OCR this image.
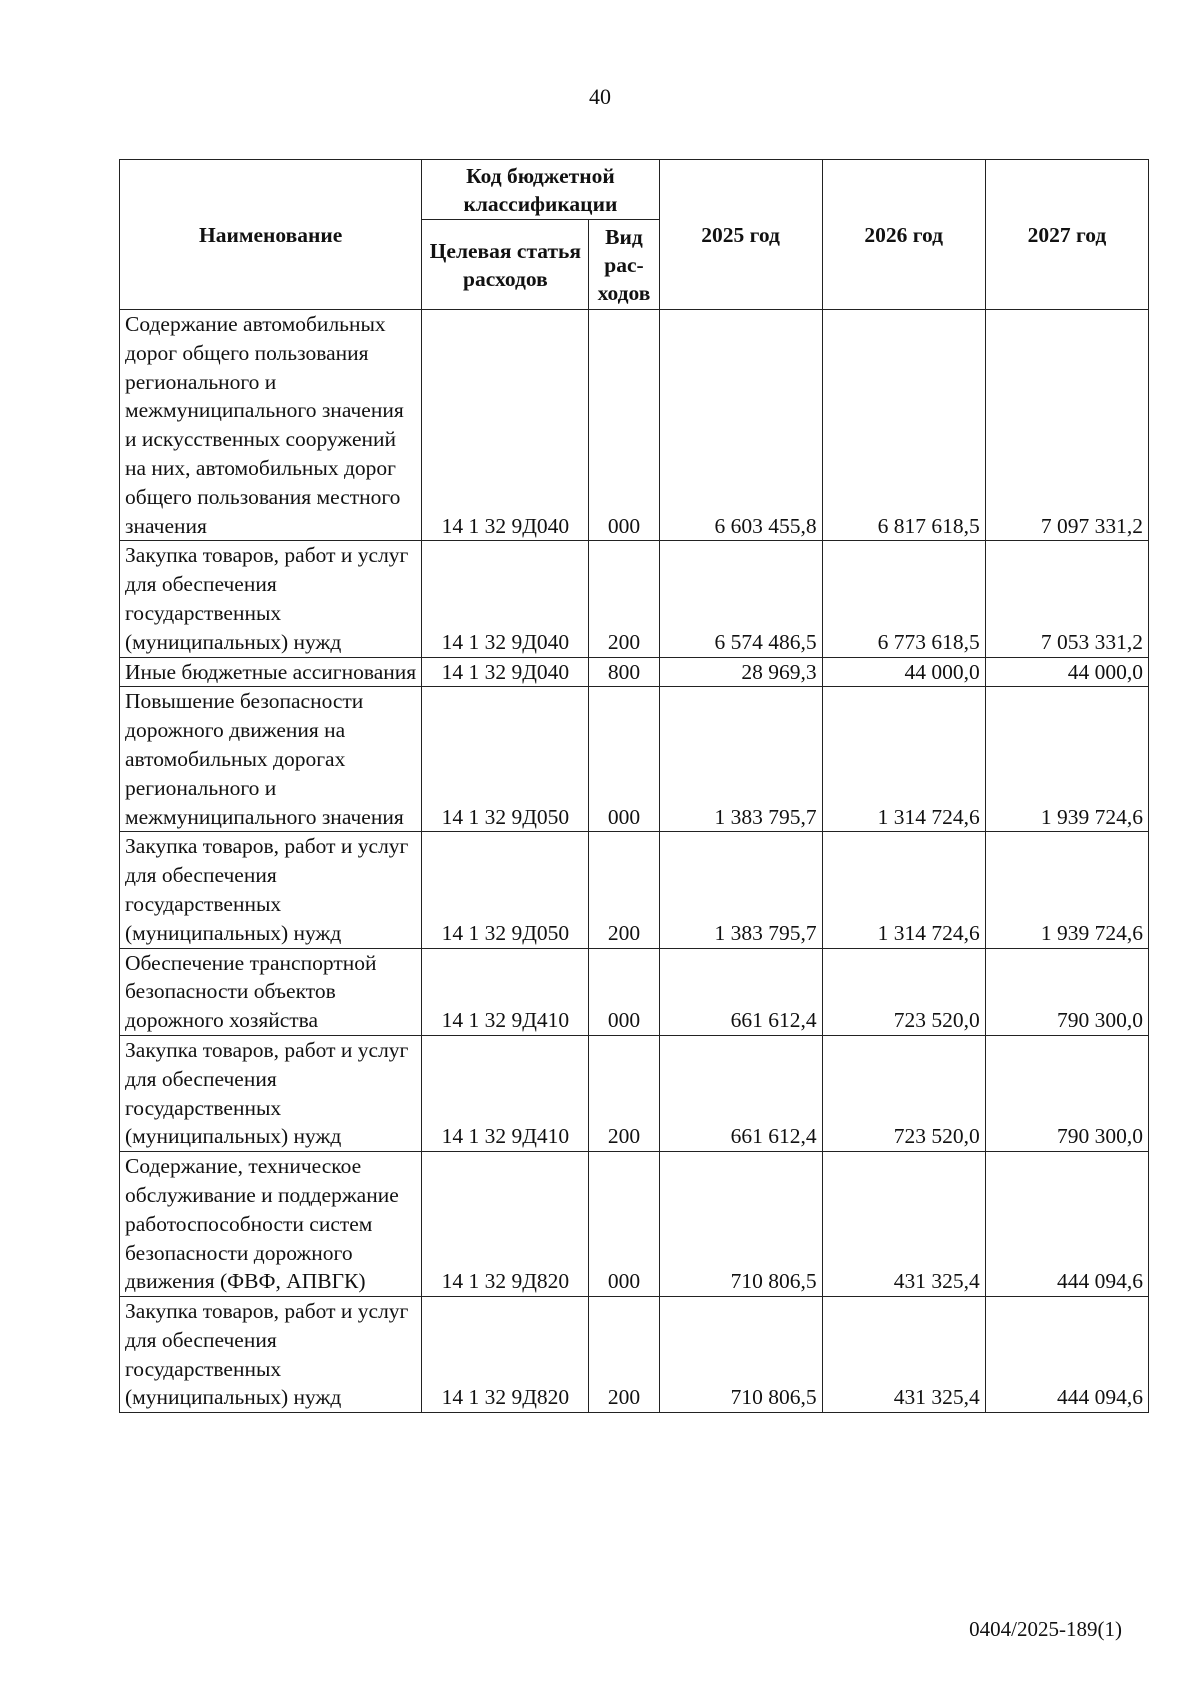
40
Наименование	Код бюджетной классификации		2025 год	2026 год	2027 год
	Целевая статья расходов	Вид рас-ходов			
Содержание автомобильных дорог общего пользования регионального и межмуниципального значения и искусственных сооружений на них, автомобильных дорог общего пользования местного значения	14 1 32 9Д040	000	6 603 455,8	6 817 618,5	7 097 331,2
Закупка товаров, работ и услуг для обеспечения государственных (муниципальных) нужд	14 1 32 9Д040	200	6 574 486,5	6 773 618,5	7 053 331,2
Иные бюджетные ассигнования	14 1 32 9Д040	800	28 969,3	44 000,0	44 000,0
Повышение безопасности дорожного движения на автомобильных дорогах регионального и межмуниципального значения	14 1 32 9Д050	000	1 383 795,7	1 314 724,6	1 939 724,6
Закупка товаров, работ и услуг для обеспечения государственных (муниципальных) нужд	14 1 32 9Д050	200	1 383 795,7	1 314 724,6	1 939 724,6
Обеспечение транспортной безопасности объектов дорожного хозяйства	14 1 32 9Д410	000	661 612,4	723 520,0	790 300,0
Закупка товаров, работ и услуг для обеспечения государственных (муниципальных) нужд	14 1 32 9Д410	200	661 612,4	723 520,0	790 300,0
Содержание, техническое обслуживание и поддержание работоспособности систем безопасности дорожного движения (ФВФ, АПВГК)	14 1 32 9Д820	000	710 806,5	431 325,4	444 094,6
Закупка товаров, работ и услуг для обеспечения государственных (муниципальных) нужд	14 1 32 9Д820	200	710 806,5	431 325,4	444 094,6
0404/2025-189(1)
